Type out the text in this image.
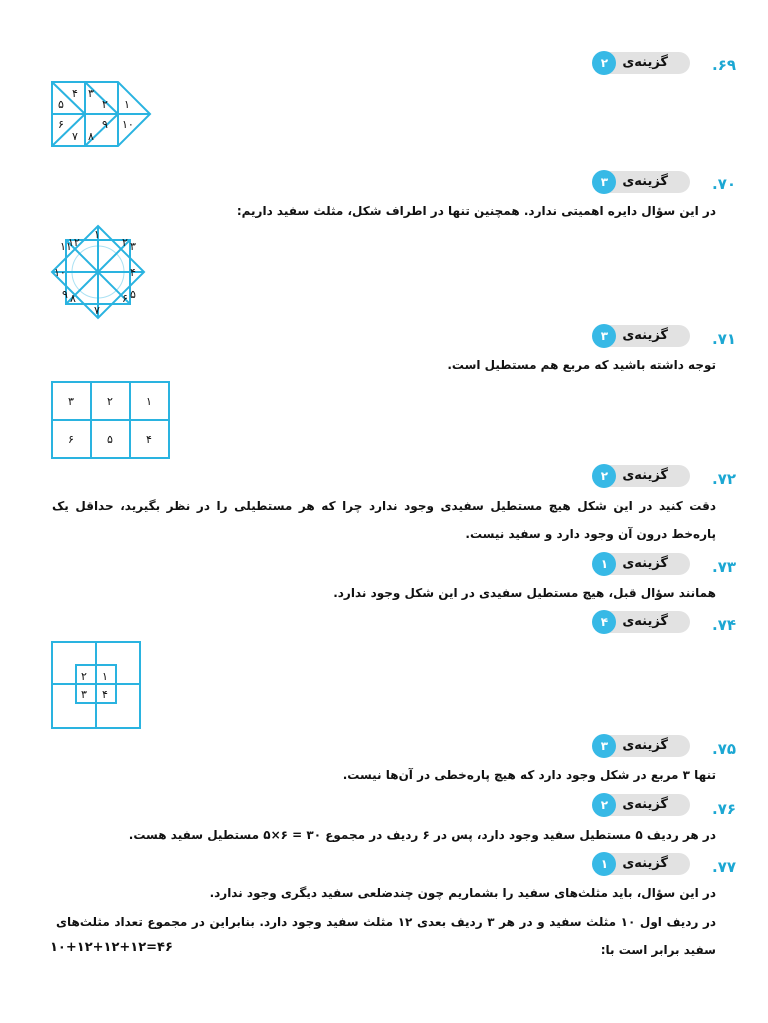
۶۹.
گزینه‌ی
۲
۴ ۳
۵	۲ ۱
۶	۹ ۱۰
۷ ۸
۷۰.
گزینه‌ی
۳
در این سؤال دایره اهمیتی ندارد. همچنین تنها در اطراف شکل، مثلث سفید داریم:
۱
۲ ۳
۴
۵
۶
۷
۸
۹
۱۰
۱۱
۱۲
۷۱.
گزینه‌ی
۳
توجه داشته باشید که مربع هم مستطیل است.
۳	۲	۱
۶	۵	۴
۷۲.
گزینه‌ی
۲
دقت کنید در این شکل هیچ مستطیل سفیدی وجود ندارد چرا که هر مستطیلی را در نظر بگیرید، حداقل یک پاره‌خط درون آن وجود دارد و سفید نیست.
۷۳.
گزینه‌ی
۱
همانند سؤال قبل، هیچ مستطیل سفیدی در این شکل وجود ندارد.
۷۴.
گزینه‌ی
۴
۲ ۱
۳ ۴
۷۵.
گزینه‌ی
۳
تنها ۳ مربع در شکل وجود دارد که هیچ پاره‌خطی در آن‌ها نیست.
۷۶.
گزینه‌ی
۲
در هر ردیف ۵ مستطیل سفید وجود دارد، پس در ۶ ردیف در مجموع ۳۰ = ۶×۵ مستطیل سفید هست.
۷۷.
گزینه‌ی
۱
در این سؤال، باید مثلث‌های سفید را بشماریم چون چندضلعی سفید دیگری وجود ندارد.
در ردیف اول ۱۰ مثلث سفید و در هر ۳ ردیف بعدی ۱۲ مثلث سفید وجود دارد. بنابراین در مجموع تعداد مثلث‌های سفید برابر است با:
۱۰+۱۲+۱۲+۱۲=۴۶
